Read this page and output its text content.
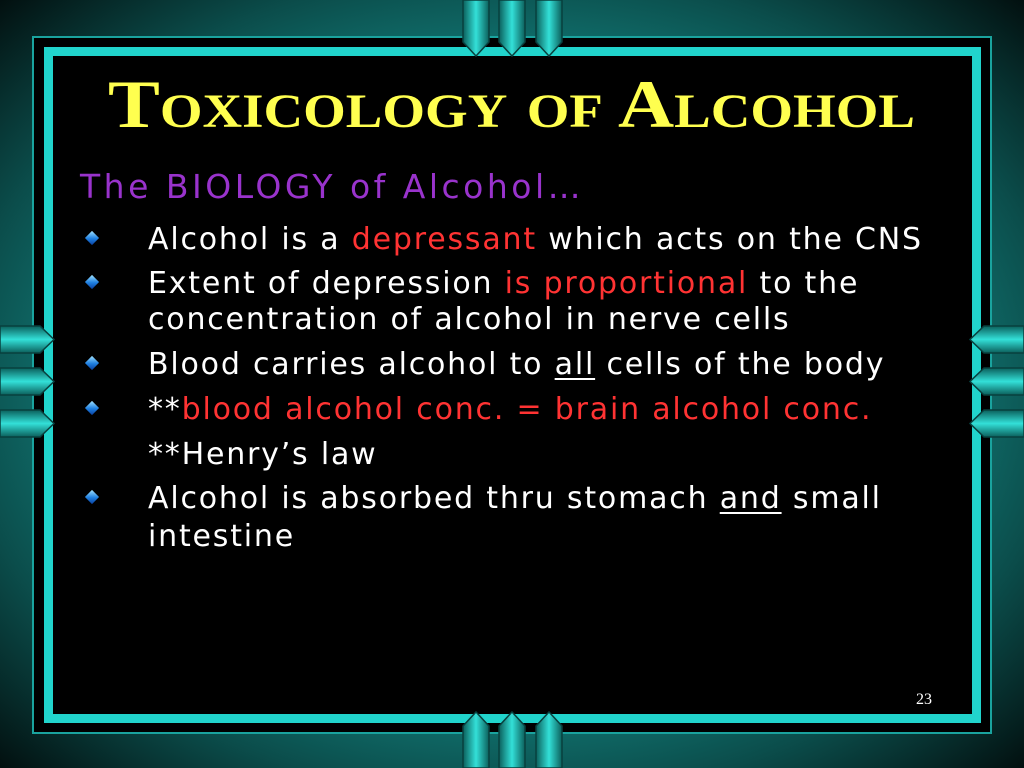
Toxicology of Alcohol
The BIOLOGY of Alcohol…
Alcohol is a depressant which acts on the CNS
Extent of depression is proportional to the
concentration of alcohol in nerve cells
Blood carries alcohol to all cells of the body
** blood alcohol conc. = brain alcohol conc.
**Henry’s law
Alcohol is absorbed thru stomach and small
intestine
23
